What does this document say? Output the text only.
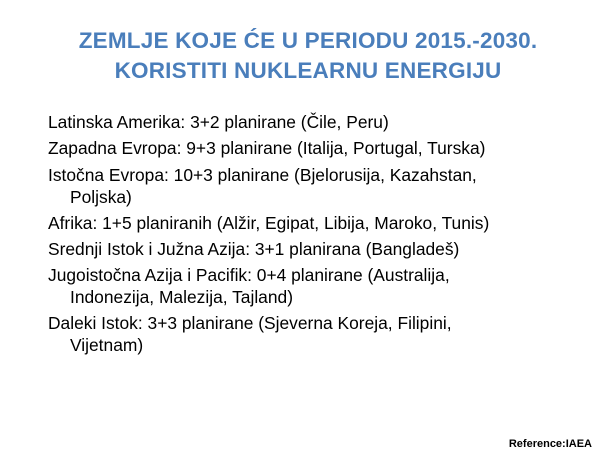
ZEMLJE KOJE ĆE U PERIODU 2015.-2030.
KORISTITI NUKLEARNU ENERGIJU
Latinska Amerika: 3+2 planirane (Čile, Peru)
Zapadna Evropa: 9+3 planirane (Italija, Portugal, Turska)
Istočna Evropa: 10+3 planirane (Bjelorusija, Kazahstan,
Poljska)
Afrika: 1+5 planiranih (Alžir, Egipat, Libija, Maroko, Tunis)
Srednji Istok i Južna Azija: 3+1 planirana (Bangladeš)
Jugoistočna Azija i Pacifik: 0+4 planirane (Australija,
Indonezija, Malezija, Tajland)
Daleki Istok: 3+3 planirane (Sjeverna Koreja, Filipini,
Vijetnam)
Reference:IAEA
